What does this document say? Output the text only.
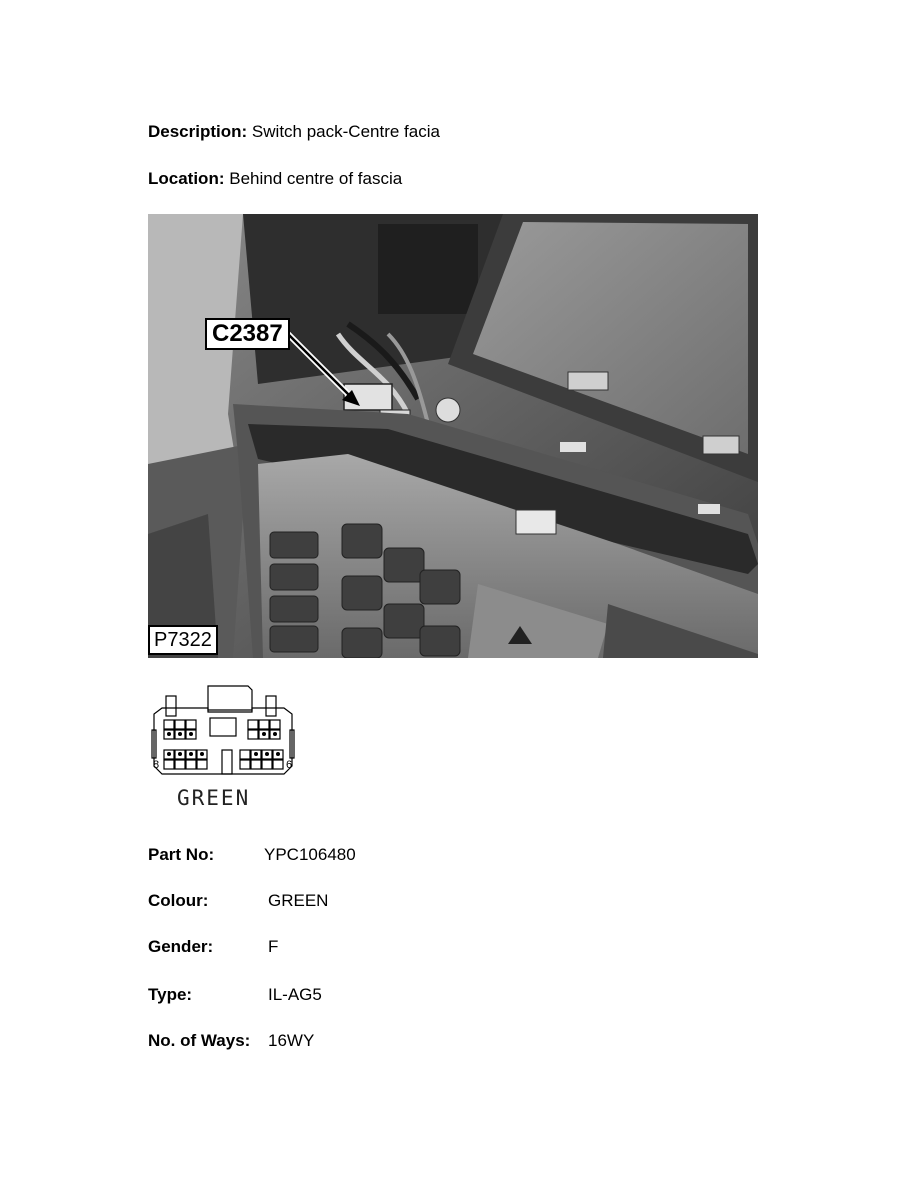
Description: Switch pack-Centre facia
Location: Behind centre of fascia
C2387
P7322
8	6
GREEN
Part No:	YPC106480
Colour:	GREEN
Gender:	F
Type:	IL-AG5
No. of Ways: 16WY
